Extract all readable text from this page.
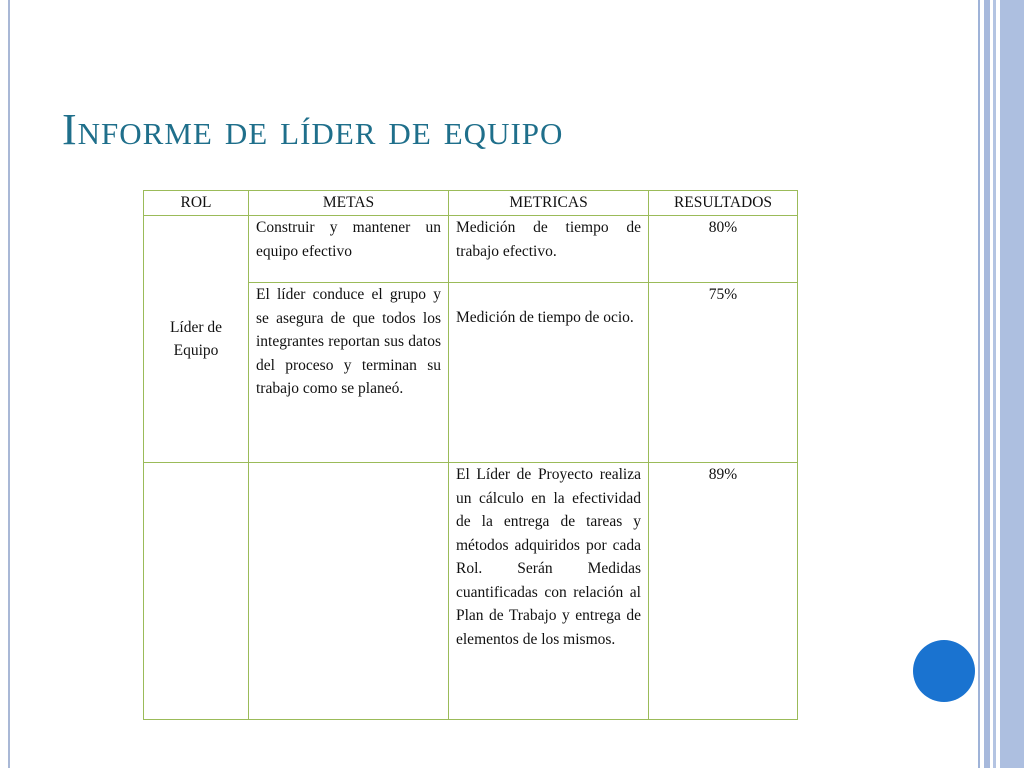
Informe de líder de equipo
ROL	METAS	METRICAS	RESULTADOS
Líder de Equipo	Construir y mantener un equipo efectivo	Medición de tiempo de trabajo efectivo.	80%
	El líder conduce el grupo y se asegura de que todos los integrantes reportan sus datos del proceso y terminan su trabajo como se planeó.	Medición de tiempo de ocio.	75%
		El Líder de Proyecto realiza un cálculo en la efectividad de la entrega de tareas y métodos adquiridos por cada Rol. Serán Medidas cuantificadas con relación al Plan de Trabajo y entrega de elementos de los mismos.	89%
